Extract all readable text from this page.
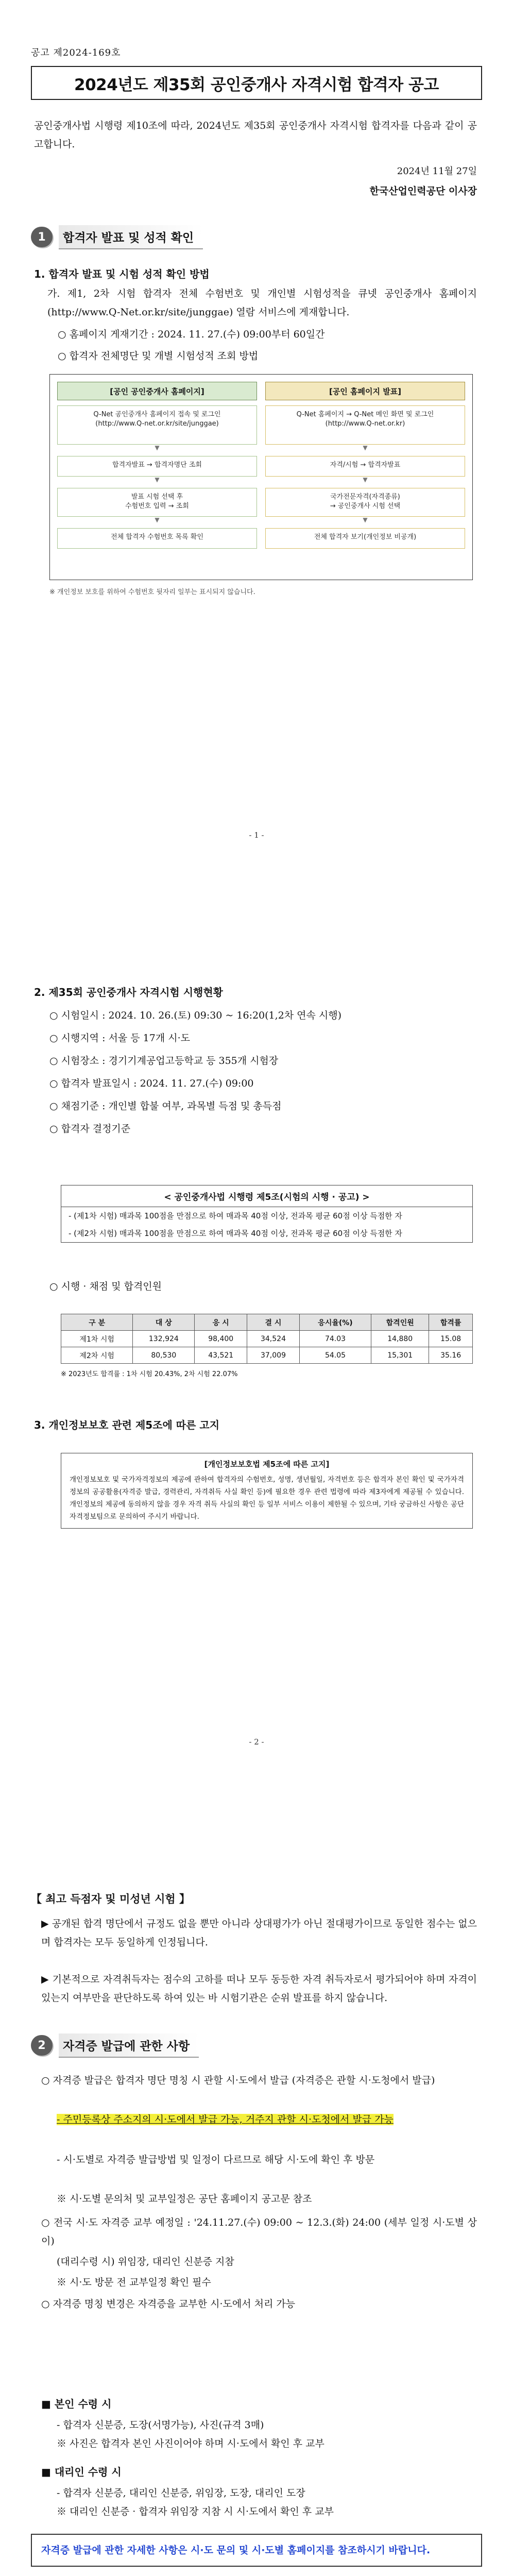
공고 제2024-169호
2024년도 제35회 공인중개사 자격시험 합격자 공고
공인중개사법 시행령 제10조에 따라, 2024년도 제35회 공인중개사 자격시험 합격자를 다음과 같이 공고합니다.
2024년 11월 27일
한국산업인력공단 이사장
1	합격자 발표 및 성적 확인
1. 합격자 발표 및 시험 성적 확인 방법
가. 제1, 2차 시험 합격자 전체 수험번호 및 개인별 시험성적을 큐넷 공인중개사 홈페이지(http://www.Q-Net.or.kr/site/junggae) 열람 서비스에 게재합니다.
○ 홈페이지 게재기간 : 2024. 11. 27.(수) 09:00부터 60일간
○ 합격자 전체명단 및 개별 시험성적 조회 방법
[공인 공인중개사 홈페이지]
Q-Net 공인중개사 홈페이지 접속 및 로그인
(http://www.Q-net.or.kr/site/junggae)
▼
합격자발표 → 합격자명단 조회
▼
발표 시험 선택 후
수험번호 입력 → 조회
▼
전체 합격자 수험번호 목록 확인
[공인 홈페이지 발표]
Q-Net 홈페이지 → Q-Net 메인 화면 및 로그인
(http://www.Q-net.or.kr)
▼
자격/시험 → 합격자발표
▼
국가전문자격(자격종류)
→ 공인중개사 시험 선택
▼
전체 합격자 보기(개인정보 비공개)
※ 개인정보 보호를 위하여 수험번호 뒷자리 일부는 표시되지 않습니다.
- 1 -
2. 제35회 공인중개사 자격시험 시행현황
○ 시험일시 : 2024. 10. 26.(토) 09:30 ~ 16:20(1,2차 연속 시행)
○ 시행지역 : 서울 등 17개 시·도
○ 시험장소 : 경기기계공업고등학교 등 355개 시험장
○ 합격자 발표일시 : 2024. 11. 27.(수) 09:00
○ 채점기준 : 개인별 합불 여부, 과목별 득점 및 총득점
○ 합격자 결정기준
< 공인중개사법 시행령 제5조(시험의 시행 · 공고) >
- (제1차 시험) 매과목 100점을 만점으로 하여 매과목 40점 이상, 전과목 평균 60점 이상 득점한 자
- (제2차 시험) 매과목 100점을 만점으로 하여 매과목 40점 이상, 전과목 평균 60점 이상 득점한 자
○ 시행 · 채점 및 합격인원
구 분	대 상	응 시	결 시	응시율(%)	합격인원	합격률
제1차 시험	132,924	98,400	34,524	74.03	14,880	15.08
제2차 시험	80,530	43,521	37,009	54.05	15,301	35.16
※ 2023년도 합격률 : 1차 시험 20.43%, 2차 시험 22.07%
3. 개인정보보호 관련 제5조에 따른 고지
[개인정보보호법 제5조에 따른 고지]
개인정보보호 및 국가자격정보의 제공에 관하여 합격자의 수험번호, 성명, 생년월일, 자격번호 등은 합격자 본인 확인 및 국가자격정보의 공공활용(자격증 발급, 경력관리, 자격취득 사실 확인 등)에 필요한 경우 관련 법령에 따라 제3자에게 제공될 수 있습니다. 개인정보의 제공에 동의하지 않을 경우 자격 취득 사실의 확인 등 일부 서비스 이용이 제한될 수 있으며, 기타 궁금하신 사항은 공단 자격정보팀으로 문의하여 주시기 바랍니다.
- 2 -
【 최고 득점자 및 미성년 시험 】
▶ 공개된 합격 명단에서 규정도 없을 뿐만 아니라 상대평가가 아닌 절대평가이므로 동일한 점수는 없으며 합격자는 모두 동일하게 인정됩니다.
▶ 기본적으로 자격취득자는 점수의 고하를 떠나 모두 동등한 자격 취득자로서 평가되어야 하며 자격이 있는지 여부만을 판단하도록 하여 있는 바 시험기관은 순위 발표를 하지 않습니다.
2	자격증 발급에 관한 사항
○ 자격증 발급은 합격자 명단 명칭 시 관할 시·도에서 발급 (자격증은 관할 시·도청에서 발급)
- 주민등록상 주소지의 시·도에서 발급 가능, 거주지 관할 시·도청에서 발급 가능
- 시·도별로 자격증 발급방법 및 일정이 다르므로 해당 시·도에 확인 후 방문
※ 시·도별 문의처 및 교부일정은 공단 홈페이지 공고문 참조
○ 전국 시·도 자격증 교부 예정일 : '24.11.27.(수) 09:00 ~ 12.3.(화) 24:00 (세부 일정 시·도별 상이)
(대리수령 시) 위임장, 대리인 신분증 지참
※ 시·도 방문 전 교부일정 확인 필수
○ 자격증 명칭 변경은 자격증을 교부한 시·도에서 처리 가능
■ 본인 수령 시
- 합격자 신분증, 도장(서명가능), 사진(규격 3매)
※ 사진은 합격자 본인 사진이어야 하며 시·도에서 확인 후 교부
■ 대리인 수령 시
- 합격자 신분증, 대리인 신분증, 위임장, 도장, 대리인 도장
※ 대리인 신분증 · 합격자 위임장 지참 시 시·도에서 확인 후 교부
자격증 발급에 관한 자세한 사항은 시·도 문의 및 시·도별 홈페이지를 참조하시기 바랍니다.
